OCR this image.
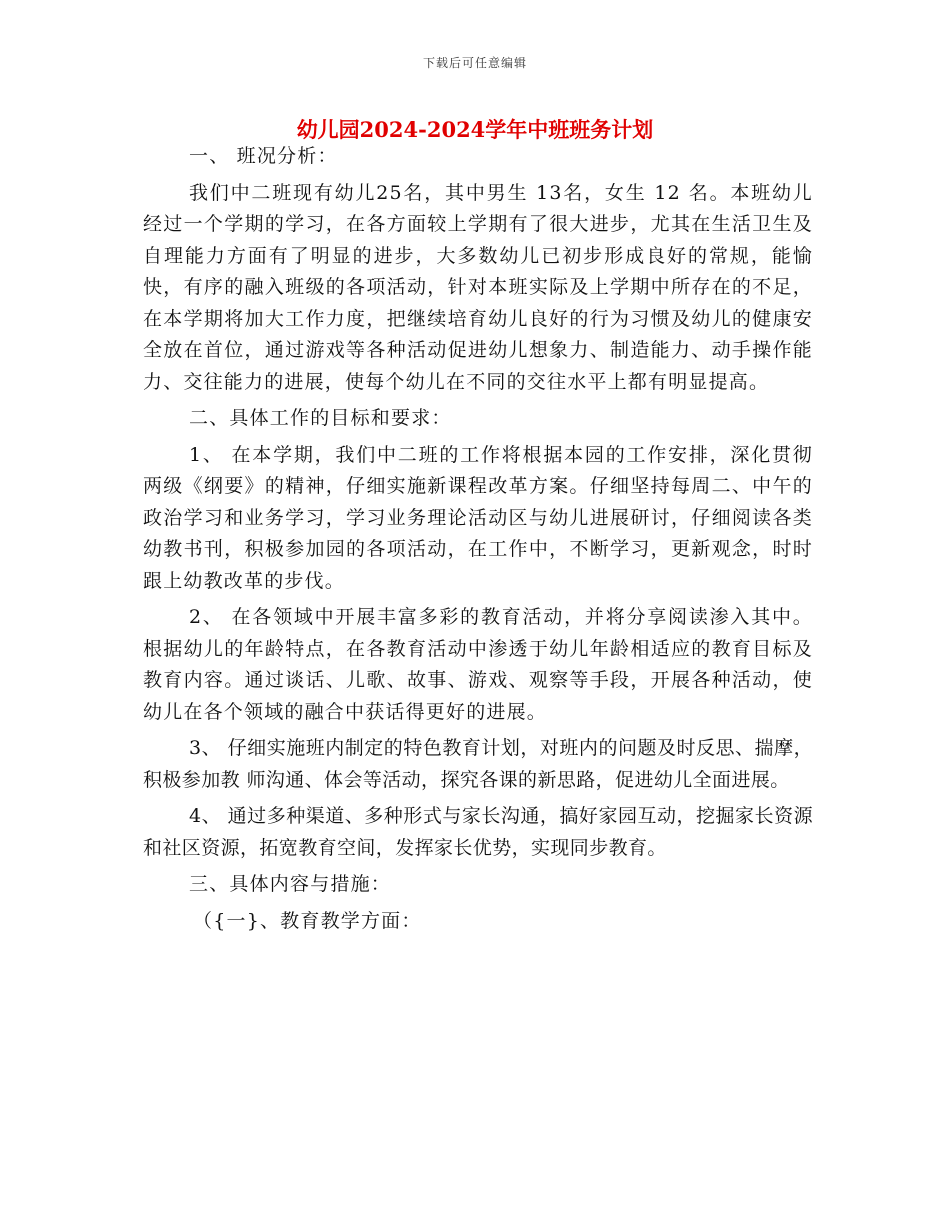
下载后可任意编辑
幼儿园2024-2024学年中班班务计划

一、 班况分析：

我们中二班现有幼儿25名，其中男生 13名，女生 12 名。本班幼儿经过一个学期的学习，在各方面较上学期有了很大进步，尤其在生活卫生及自理能力方面有了明显的进步，大多数幼儿已初步形成良好的常规，能愉快，有序的融入班级的各项活动，针对本班实际及上学期中所存在的不足，在本学期将加大工作力度，把继续培育幼儿良好的行为习惯及幼儿的健康安全放在首位，通过游戏等各种活动促进幼儿想象力、制造能力、动手操作能力、交往能力的进展，使每个幼儿在不同的交往水平上都有明显提高。

二、具体工作的目标和要求：

1、 在本学期，我们中二班的工作将根据本园的工作安排，深化贯彻两级《纲要》的精神，仔细实施新课程改革方案。仔细坚持每周二、中午的政治学习和业务学习，学习业务理论活动区与幼儿进展研讨，仔细阅读各类幼教书刊，积极参加园的各项活动，在工作中，不断学习，更新观念，时时跟上幼教改革的步伐。

2、 在各领域中开展丰富多彩的教育活动，并将分享阅读渗入其中。根据幼儿的年龄特点，在各教育活动中渗透于幼儿年龄相适应的教育目标及教育内容。通过谈话、儿歌、故事、游戏、观察等手段，开展各种活动，使幼儿在各个领域的融合中获话得更好的进展。

3、 仔细实施班内制定的特色教育计划，对班内的问题及时反思、揣摩，积极参加教 师沟通、体会等活动，探究各课的新思路，促进幼儿全面进展。

4、 通过多种渠道、多种形式与家长沟通，搞好家园互动，挖掘家长资源和社区资源，拓宽教育空间，发挥家长优势，实现同步教育。

三、具体内容与措施：

（{一}、教育教学方面：
